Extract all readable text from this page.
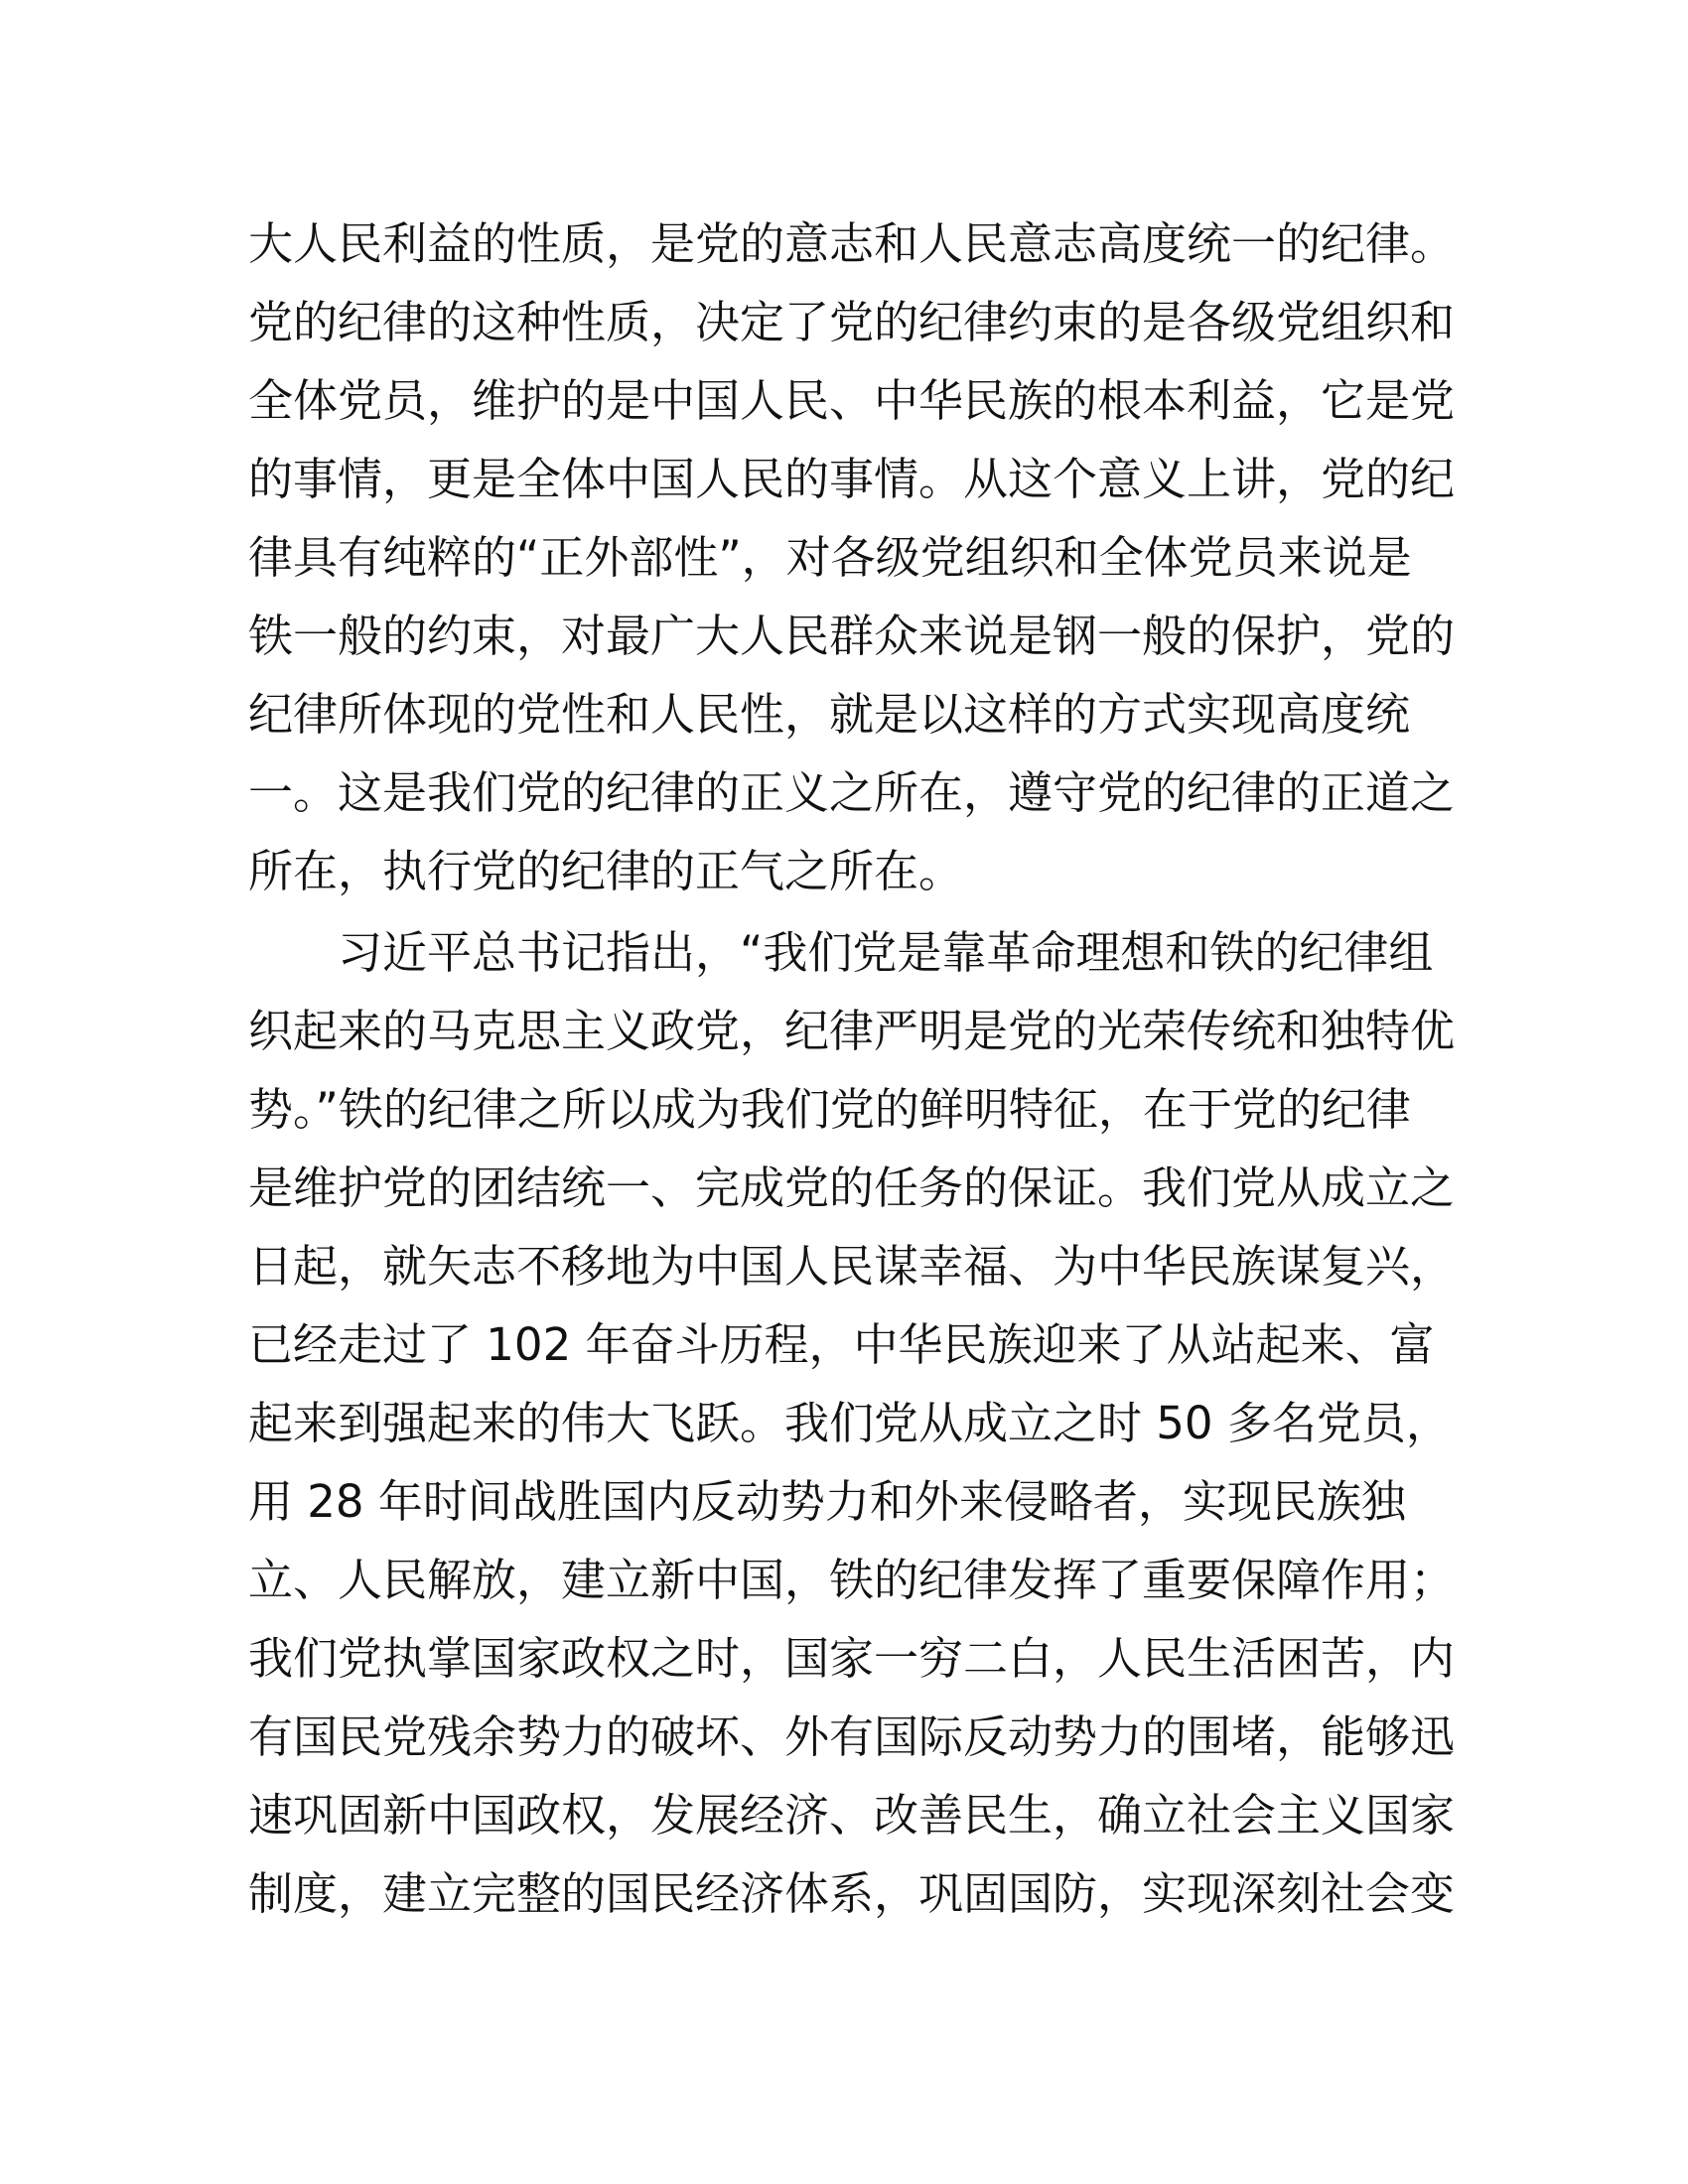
大人民利益的性质，是党的意志和人民意志高度统一的纪律。
党的纪律的这种性质，决定了党的纪律约束的是各级党组织和
全体党员，维护的是中国人民、中华民族的根本利益，它是党
的事情，更是全体中国人民的事情。从这个意义上讲，党的纪
律具有纯粹的“正外部性”，对各级党组织和全体党员来说是
铁一般的约束，对最广大人民群众来说是钢一般的保护，党的
纪律所体现的党性和人民性，就是以这样的方式实现高度统
一。这是我们党的纪律的正义之所在，遵守党的纪律的正道之
所在，执行党的纪律的正气之所在。
习近平总书记指出，“我们党是靠革命理想和铁的纪律组
织起来的马克思主义政党，纪律严明是党的光荣传统和独特优
势。”铁的纪律之所以成为我们党的鲜明特征，在于党的纪律
是维护党的团结统一、完成党的任务的保证。我们党从成立之
日起，就矢志不移地为中国人民谋幸福、为中华民族谋复兴，
已经走过了 102 年奋斗历程，中华民族迎来了从站起来、富
起来到强起来的伟大飞跃。我们党从成立之时 50 多名党员，
用 28 年时间战胜国内反动势力和外来侵略者，实现民族独
立、人民解放，建立新中国，铁的纪律发挥了重要保障作用；
我们党执掌国家政权之时，国家一穷二白，人民生活困苦，内
有国民党残余势力的破坏、外有国际反动势力的围堵，能够迅
速巩固新中国政权，发展经济、改善民生，确立社会主义国家
制度，建立完整的国民经济体系，巩固国防，实现深刻社会变
